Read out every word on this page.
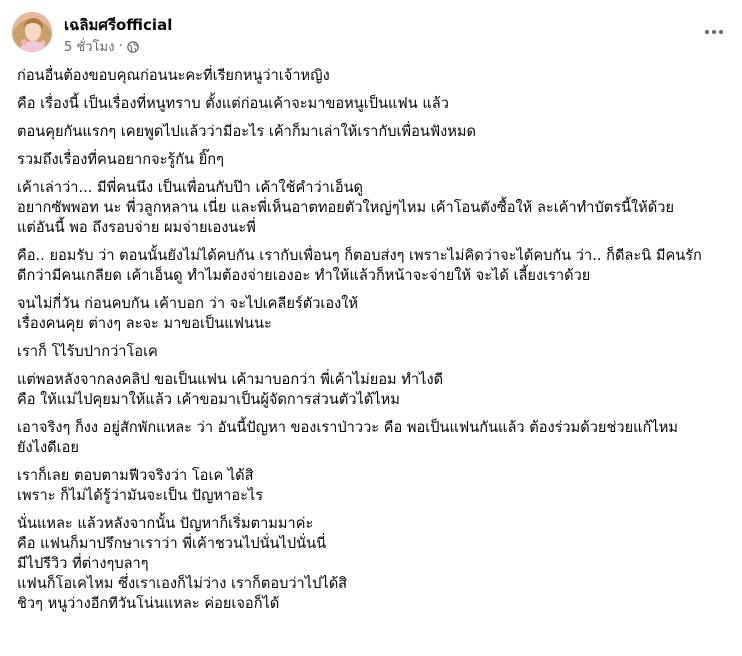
เฉลิมศรีofficial
5 ชั่วโมง ·
ก่อนอื่นต้องขอบคุณก่อนนะคะที่เรียกหนูว่าเจ้าหญิง
คือ เรื่องนี้ เป็นเรื่องที่หนูทราบ ตั้งแต่ก่อนเค้าจะมาขอหนูเป็นแฟน แล้ว
ตอนคุยกันแรกๆ เคยพูดไปแล้วว่ามีอะไร เค้าก็มาเล่าให้เรากับเพื่อนฟังหมด
รวมถึงเรื่องที่คนอยากจะรู้กัน ยิ๊กๆ
เค้าเล่าว่า... มีพี่คนนึง เป็นเพื่อนกับป๊า เค้าใช้คำว่าเอ็นดู
อยากซัพพอท นะ พี่วลูกหลาน เนี่ย และพี่เห็นอาตทอยตัวใหญ่ๆไหม เค้าโอนตังซื้อให้ ละเค้าทำบัตรนี้ให้ด้วย
แต่อันนี้ พอ ถึงรอบจ่าย ผมจ่ายเองนะพี่
คือ.. ยอมรับ ว่า ตอนนั้นยังไม่ได้คบกัน เรากับเพื่อนๆ ก็ตอบส่งๆ เพราะไม่คิดว่าจะได้คบกัน ว่า.. ก็ดีละนิ มีคนรัก
ดีกว่ามีคนเกลียด เค้าเอ็นดู ทำไมต้องจ่ายเองอะ ทำให้แล้วก็หน้าจะจ่ายให้ จะได้ เลี้ยงเราด้วย
จนไม่กี่วัน ก่อนคบกัน เค้าบอก ว่า จะไปเคลียร์ตัวเองให้
เรื่องคนคุย ต่างๆ ละจะ มาขอเป็นแฟนนะ
เราก็ โไร้บปากว่าโอเค
แต่พอหลังจากลงคลิป ขอเป็นแฟน เค้ามาบอกว่า พี่เค้าไม่ยอม ทำไงดี
คือ ให้แม่ไปคุยมาให้แล้ว เค้าขอมาเป็นผู้จัดการส่วนตัวได้ไหม
เอาจริงๆ ก็งง อยู่สักพักแหละ ว่า อันนี้ปัญหา ของเราป่าววะ คือ พอเป็นแฟนกันแล้ว ต้องร่วมด้วยช่วยแก้ไหม
ยังไงดีเอย
เราก็เลย ตอบตามฟีวจริงว่า โอเค ได้สิ
เพราะ ก็ไม่ได้รู้ว่ามันจะเป็น ปัญหาอะไร
นั่นแหละ แล้วหลังจากนั้น ปัญหาก็เริ่มตามมาค่ะ
คือ แฟนก็มาปรึกษาเราว่า พี่เค้าชวนไปนั่นไปนั่นนี่
มีไปรีวิว ที่ต่างๆบลาๆ
แฟนก็โอเคไหม ซึ่งเราเองก็ไม่ว่าง เราก็ตอบว่าไปได้สิ
ชิวๆ หนูว่างอีกทีวันโน่นแหละ ค่อยเจอก็ได้
